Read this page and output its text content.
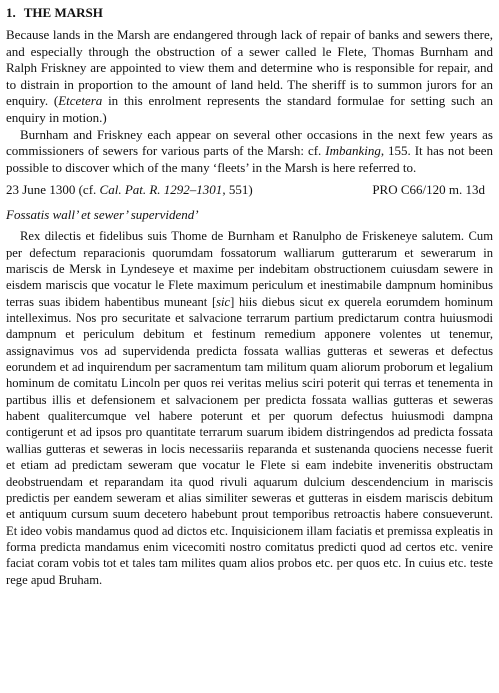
1. THE MARSH

Because lands in the Marsh are endangered through lack of repair of banks and sewers there, and especially through the obstruction of a sewer called le Flete, Thomas Burnham and Ralph Friskney are appointed to view them and determine who is responsible for repair, and to distrain in proportion to the amount of land held. The sheriff is to summon jurors for an enquiry. (Etcetera in this enrolment represents the standard formulae for setting such an enquiry in motion.)

Burnham and Friskney each appear on several other occasions in the next few years as commissioners of sewers for various parts of the Marsh: cf. Imbanking, 155. It has not been possible to discover which of the many ‘fleets’ in the Marsh is here referred to.

23 June 1300 (cf. Cal. Pat. R. 1292–1301, 551)	PRO C66/120 m. 13d
Fossatis wall’ et sewer’ supervidend’

Rex dilectis et fidelibus suis Thome de Burnham et Ranulpho de Friskeneye salutem. Cum per defectum reparacionis quorumdam fossatorum walliarum gutterarum et sewerarum in mariscis de Mersk in Lyndeseye et maxime per indebitam obstructionem cuiusdam sewere in eisdem mariscis que vocatur le Flete maximum periculum et inestimabile dampnum hominibus terras suas ibidem habentibus muneant [sic] hiis diebus sicut ex querela eorumdem hominum intelleximus. Nos pro securitate et salvacione terrarum partium predictarum contra huiusmodi dampnum et periculum debitum et festinum remedium apponere volentes ut tenemur, assignavimus vos ad supervidenda predicta fossata wallias gutteras et seweras et defectus eorundem et ad inquirendum per sacramentum tam militum quam aliorum proborum et legalium hominum de comitatu Lincoln per quos rei veritas melius sciri poterit qui terras et tenementa in partibus illis et defensionem et salvacionem per predicta fossata wallias gutteras et seweras habent qualitercumque vel habere poterunt et per quorum defectus huiusmodi dampna contigerunt et ad ipsos pro quantitate terrarum suarum ibidem distringendos ad predicta fossata wallias gutteras et seweras in locis necessariis reparanda et sustenanda quociens necesse fuerit et etiam ad predictam seweram que vocatur le Flete si eam indebite inveneritis obstructam deobstruendam et reparandam ita quod rivuli aquarum dulcium descendencium in mariscis predictis per eandem seweram et alias similiter seweras et gutteras in eisdem mariscis debitum et antiquum cursum suum decetero habebunt prout temporibus retroactis habere consueverunt. Et ideo vobis mandamus quod ad dictos etc. Inquisicionem illam faciatis et premissa expleatis in forma predicta mandamus enim vicecomiti nostro comitatus predicti quod ad certos etc. venire faciat coram vobis tot et tales tam milites quam alios probos etc. per quos etc. In cuius etc. teste rege apud Bruham.
